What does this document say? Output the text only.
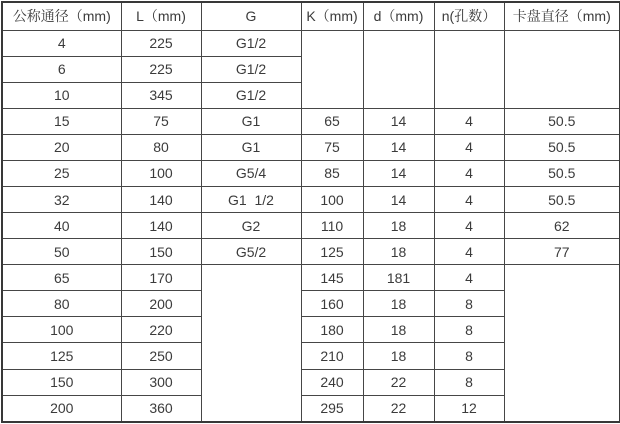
公称通径（mm)	L（mm)	G	K（mm)	d（mm)	n(孔数）	卡盘直径（mm)
4	225	G1/2				
6	225	G1/2				
10	345	G1/2				
15	75	G1	65	14	4	50.5
20	80	G1	75	14	4	50.5
25	100	G5/4	85	14	4	50.5
32	140	G1  1/2	100	14	4	50.5
40	140	G2	110	18	4	62
50	150	G5/2	125	18	4	77
65	170		145	181	4	
80	200		160	18	8	
100	220		180	18	8	
125	250		210	18	8	
150	300		240	22	8	
200	360		295	22	12	
